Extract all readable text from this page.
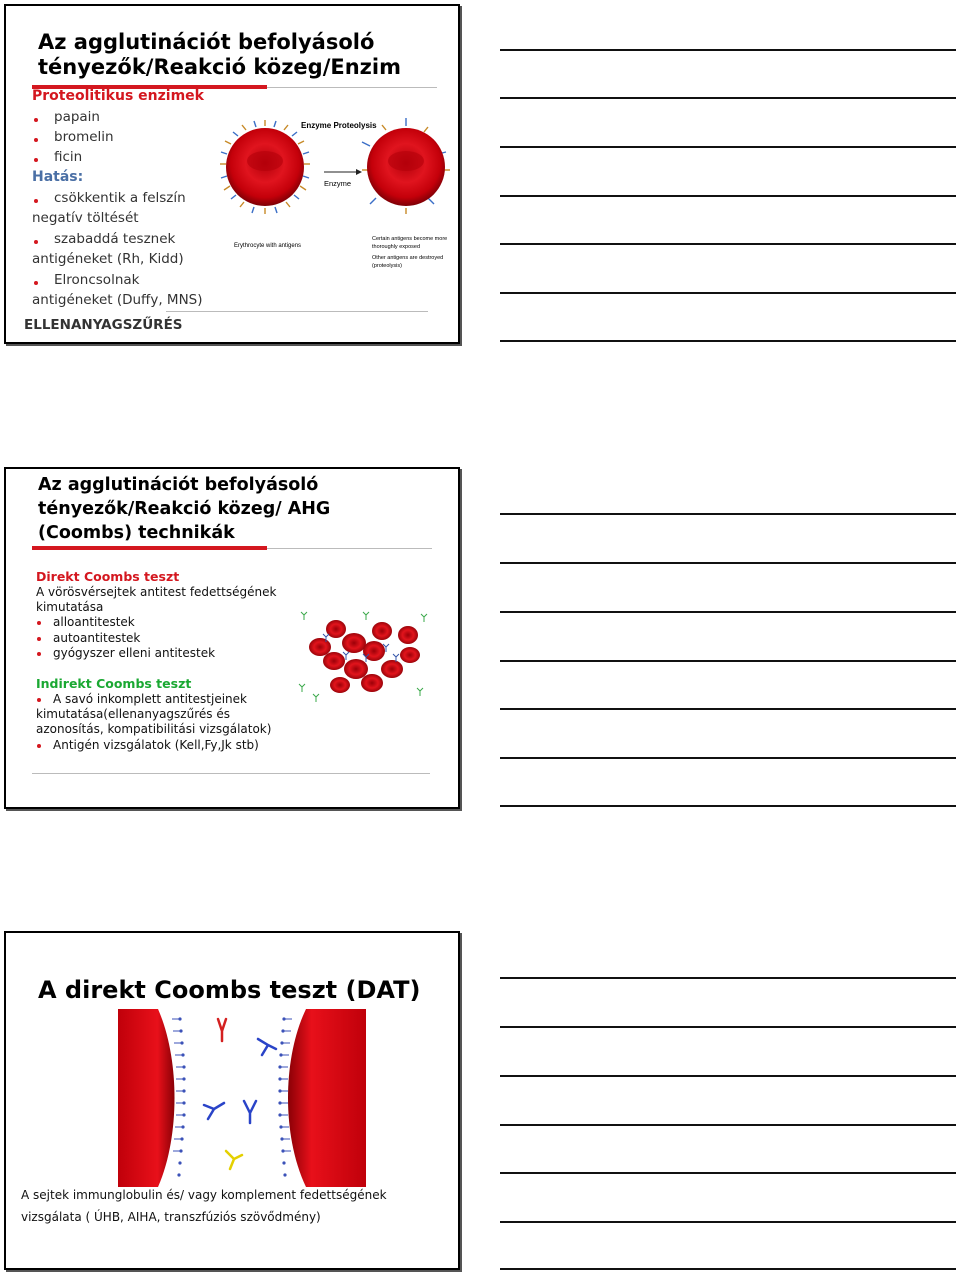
Az agglutinációt befolyásoló
tényezők/Reakció közeg/Enzim
Proteolitikus enzimek
papain
bromelin
ficin
Hatás:
csökkentik a felszín
negatív töltését
szabaddá tesznek
antigéneket (Rh, Kidd)
Elroncsolnak
antigéneket (Duffy, MNS)
ELLENANYAGSZŰRÉS
Enzyme Proteolysis
Enzyme
Erythrocyte with antigens
Certain antigens become more
thoroughly exposed
Other antigens are destroyed
(proteolysis)
Az agglutinációt befolyásoló
tényezők/Reakció közeg/ AHG
(Coombs) technikák
Direkt Coombs teszt
A vörösvérsejtek antitest fedettségének
kimutatása
alloantitestek
autoantitestek
gyógyszer elleni antitestek
Indirekt Coombs teszt
A savó inkomplett antitestjeinek
kimutatása(ellenanyagszűrés és
azonosítás, kompatibilitási vizsgálatok)
Antigén vizsgálatok (Kell,Fy,Jk stb)
A direkt Coombs teszt (DAT)
A sejtek immunglobulin és/ vagy komplement fedettségének
vizsgálata ( ÚHB, AIHA, transzfúziós szövődmény)
